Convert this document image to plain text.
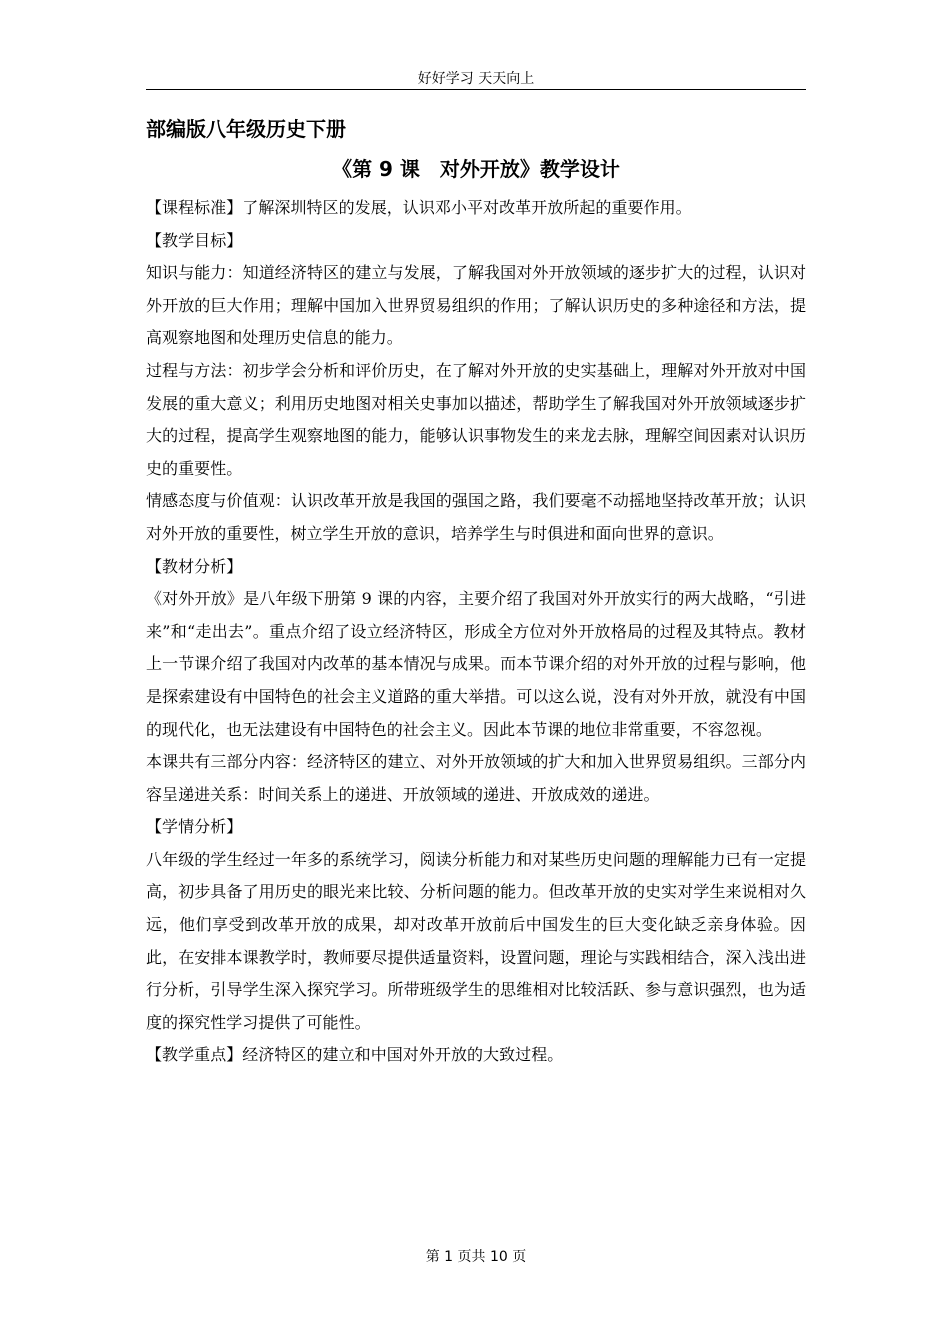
好好学习 天天向上
部编版八年级历史下册
《第 9 课　对外开放》教学设计

【课程标准】了解深圳特区的发展，认识邓小平对改革开放所起的重要作用。

【教学目标】

知识与能力：知道经济特区的建立与发展，了解我国对外开放领域的逐步扩大的过程，认识对外开放的巨大作用；理解中国加入世界贸易组织的作用；了解认识历史的多种途径和方法，提高观察地图和处理历史信息的能力。

过程与方法：初步学会分析和评价历史，在了解对外开放的史实基础上，理解对外开放对中国发展的重大意义；利用历史地图对相关史事加以描述，帮助学生了解我国对外开放领域逐步扩大的过程，提高学生观察地图的能力，能够认识事物发生的来龙去脉，理解空间因素对认识历史的重要性。

情感态度与价值观：认识改革开放是我国的强国之路，我们要毫不动摇地坚持改革开放；认识对外开放的重要性，树立学生开放的意识，培养学生与时俱进和面向世界的意识。

【教材分析】

《对外开放》是八年级下册第 9 课的内容，主要介绍了我国对外开放实行的两大战略，“引进来”和“走出去”。重点介绍了设立经济特区，形成全方位对外开放格局的过程及其特点。教材上一节课介绍了我国对内改革的基本情况与成果。而本节课介绍的对外开放的过程与影响，他是探索建设有中国特色的社会主义道路的重大举措。可以这么说，没有对外开放，就没有中国的现代化，也无法建设有中国特色的社会主义。因此本节课的地位非常重要，不容忽视。

本课共有三部分内容：经济特区的建立、对外开放领域的扩大和加入世界贸易组织。三部分内容呈递进关系：时间关系上的递进、开放领域的递进、开放成效的递进。

【学情分析】

八年级的学生经过一年多的系统学习，阅读分析能力和对某些历史问题的理解能力已有一定提高，初步具备了用历史的眼光来比较、分析问题的能力。但改革开放的史实对学生来说相对久远，他们享受到改革开放的成果，却对改革开放前后中国发生的巨大变化缺乏亲身体验。因此，在安排本课教学时，教师要尽提供适量资料，设置问题，理论与实践相结合，深入浅出进行分析，引导学生深入探究学习。所带班级学生的思维相对比较活跃、参与意识强烈，也为适度的探究性学习提供了可能性。

【教学重点】经济特区的建立和中国对外开放的大致过程。

第 1 页共 10 页
